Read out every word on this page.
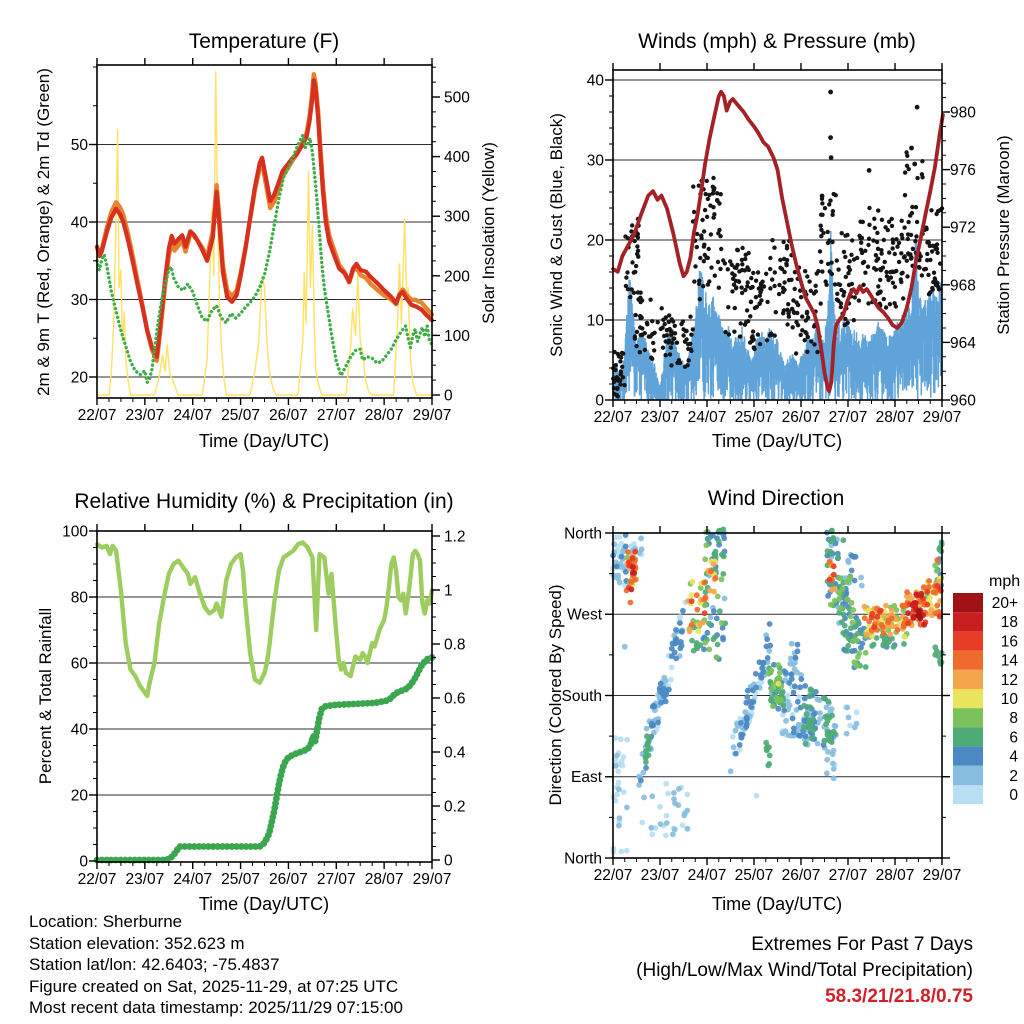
22/07 23/07 24/07 25/07 26/07 27/07 28/07 29/07
20
30
40
50
0
100
200
300
400
500
22/07 23/07 24/07 25/07 26/07 27/07 28/07 29/07
0
10
20
30
40
960
964
968
972
976
980
22/07 23/07 24/07 25/07 26/07 27/07 28/07 29/07
0
20
40
60
80
100
0
0.2
0.4
0.6
0.8
1
1.2
22/07 23/07 24/07 25/07 26/07 27/07 28/07 29/07
North
West
South
East
North
20+
18
16
14
12
10
8
6
4
2
0
Temperature (F)	Winds (mph) & Pressure (mb)
Relative Humidity (%) & Precipitation (in)	Wind Direction
2m & 9m T (Red, Orange) & 2m Td (Green)	Solar Insolation (Yellow)	Sonic Wind & Gust (Blue, Black)	Station Pressure (Maroon)
Percent & Total Rainfall	Direction (Colored By Speed)
Time (Day/UTC)	Time (Day/UTC)
Time (Day/UTC)	Time (Day/UTC)
mph
Location: Sherburne
Station elevation: 352.623 m
Station lat/lon: 42.6403; -75.4837
Figure created on Sat, 2025-11-29, at 07:25 UTC
Most recent data timestamp: 2025/11/29 07:15:00
Extremes For Past 7 Days
(High/Low/Max Wind/Total Precipitation)
58.3/21/21.8/0.75
